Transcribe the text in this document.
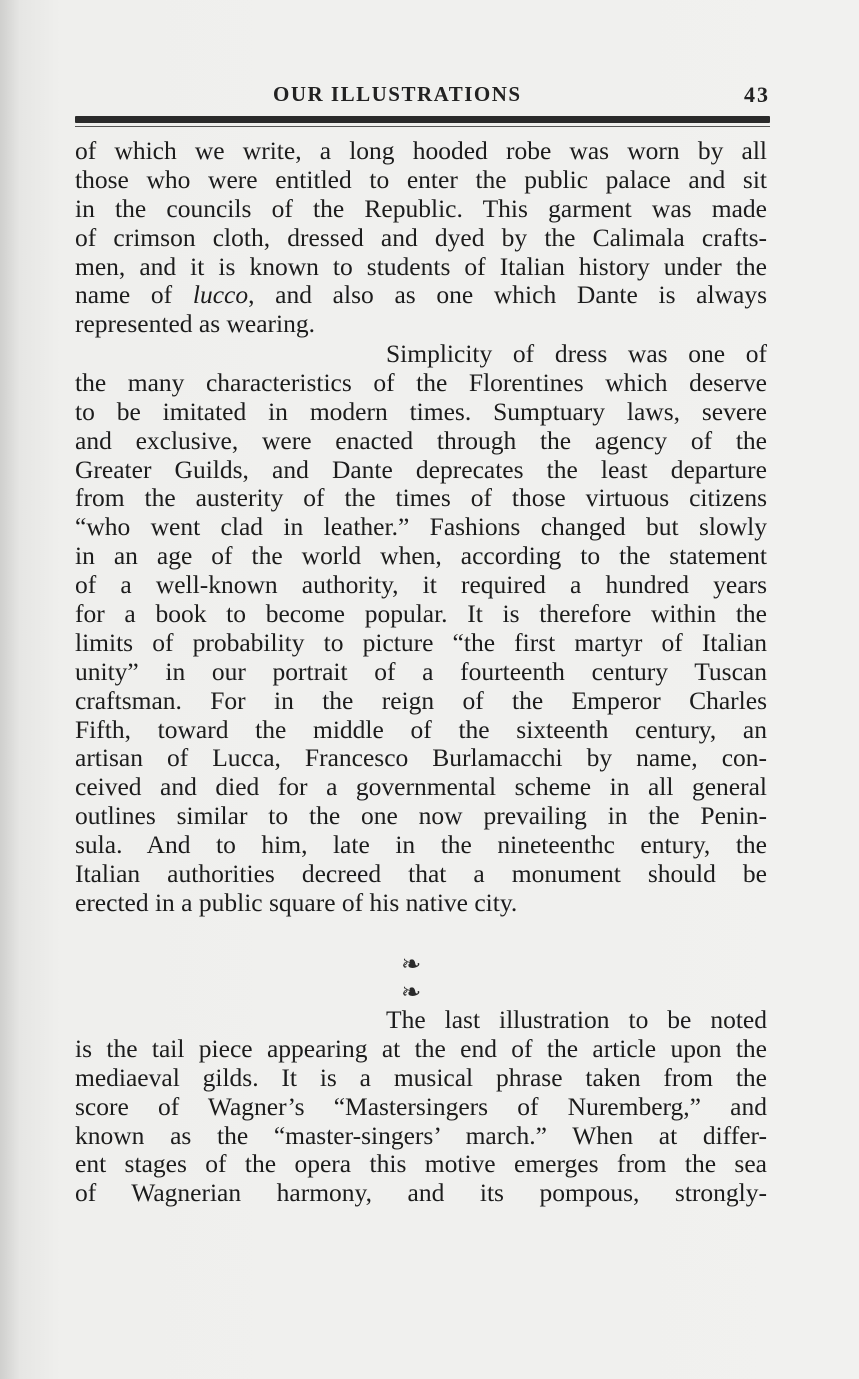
OUR ILLUSTRATIONS	43
of which we write, a long hooded robe was worn by all
those who were entitled to enter the public palace and sit
in the councils of the Republic. This garment was made
of crimson cloth, dressed and dyed by the Calimala crafts-
men, and it is known to students of Italian history under the
name of lucco, and also as one which Dante is always
represented as wearing.
Simplicity of dress was one of
the many characteristics of the Florentines which deserve
to be imitated in modern times. Sumptuary laws, severe
and exclusive, were enacted through the agency of the
Greater Guilds, and Dante deprecates the least departure
from the austerity of the times of those virtuous citizens
“who went clad in leather.” Fashions changed but slowly
in an age of the world when, according to the statement
of a well-known authority, it required a hundred years
for a book to become popular. It is therefore within the
limits of probability to picture “the first martyr of Italian
unity” in our portrait of a fourteenth century Tuscan
craftsman. For in the reign of the Emperor Charles
Fifth, toward the middle of the sixteenth century, an
artisan of Lucca, Francesco Burlamacchi by name, con-
ceived and died for a governmental scheme in all general
outlines similar to the one now prevailing in the Penin-
sula. And to him, late in the nineteenthc entury, the
Italian authorities decreed that a monument should be
erected in a public square of his native city.
❧ ❧
The last illustration to be noted
is the tail piece appearing at the end of the article upon the
mediaeval gilds. It is a musical phrase taken from the
score of Wagner’s “Mastersingers of Nuremberg,” and
known as the “master-singers’ march.” When at differ-
ent stages of the opera this motive emerges from the sea
of Wagnerian harmony, and its pompous, strongly-
